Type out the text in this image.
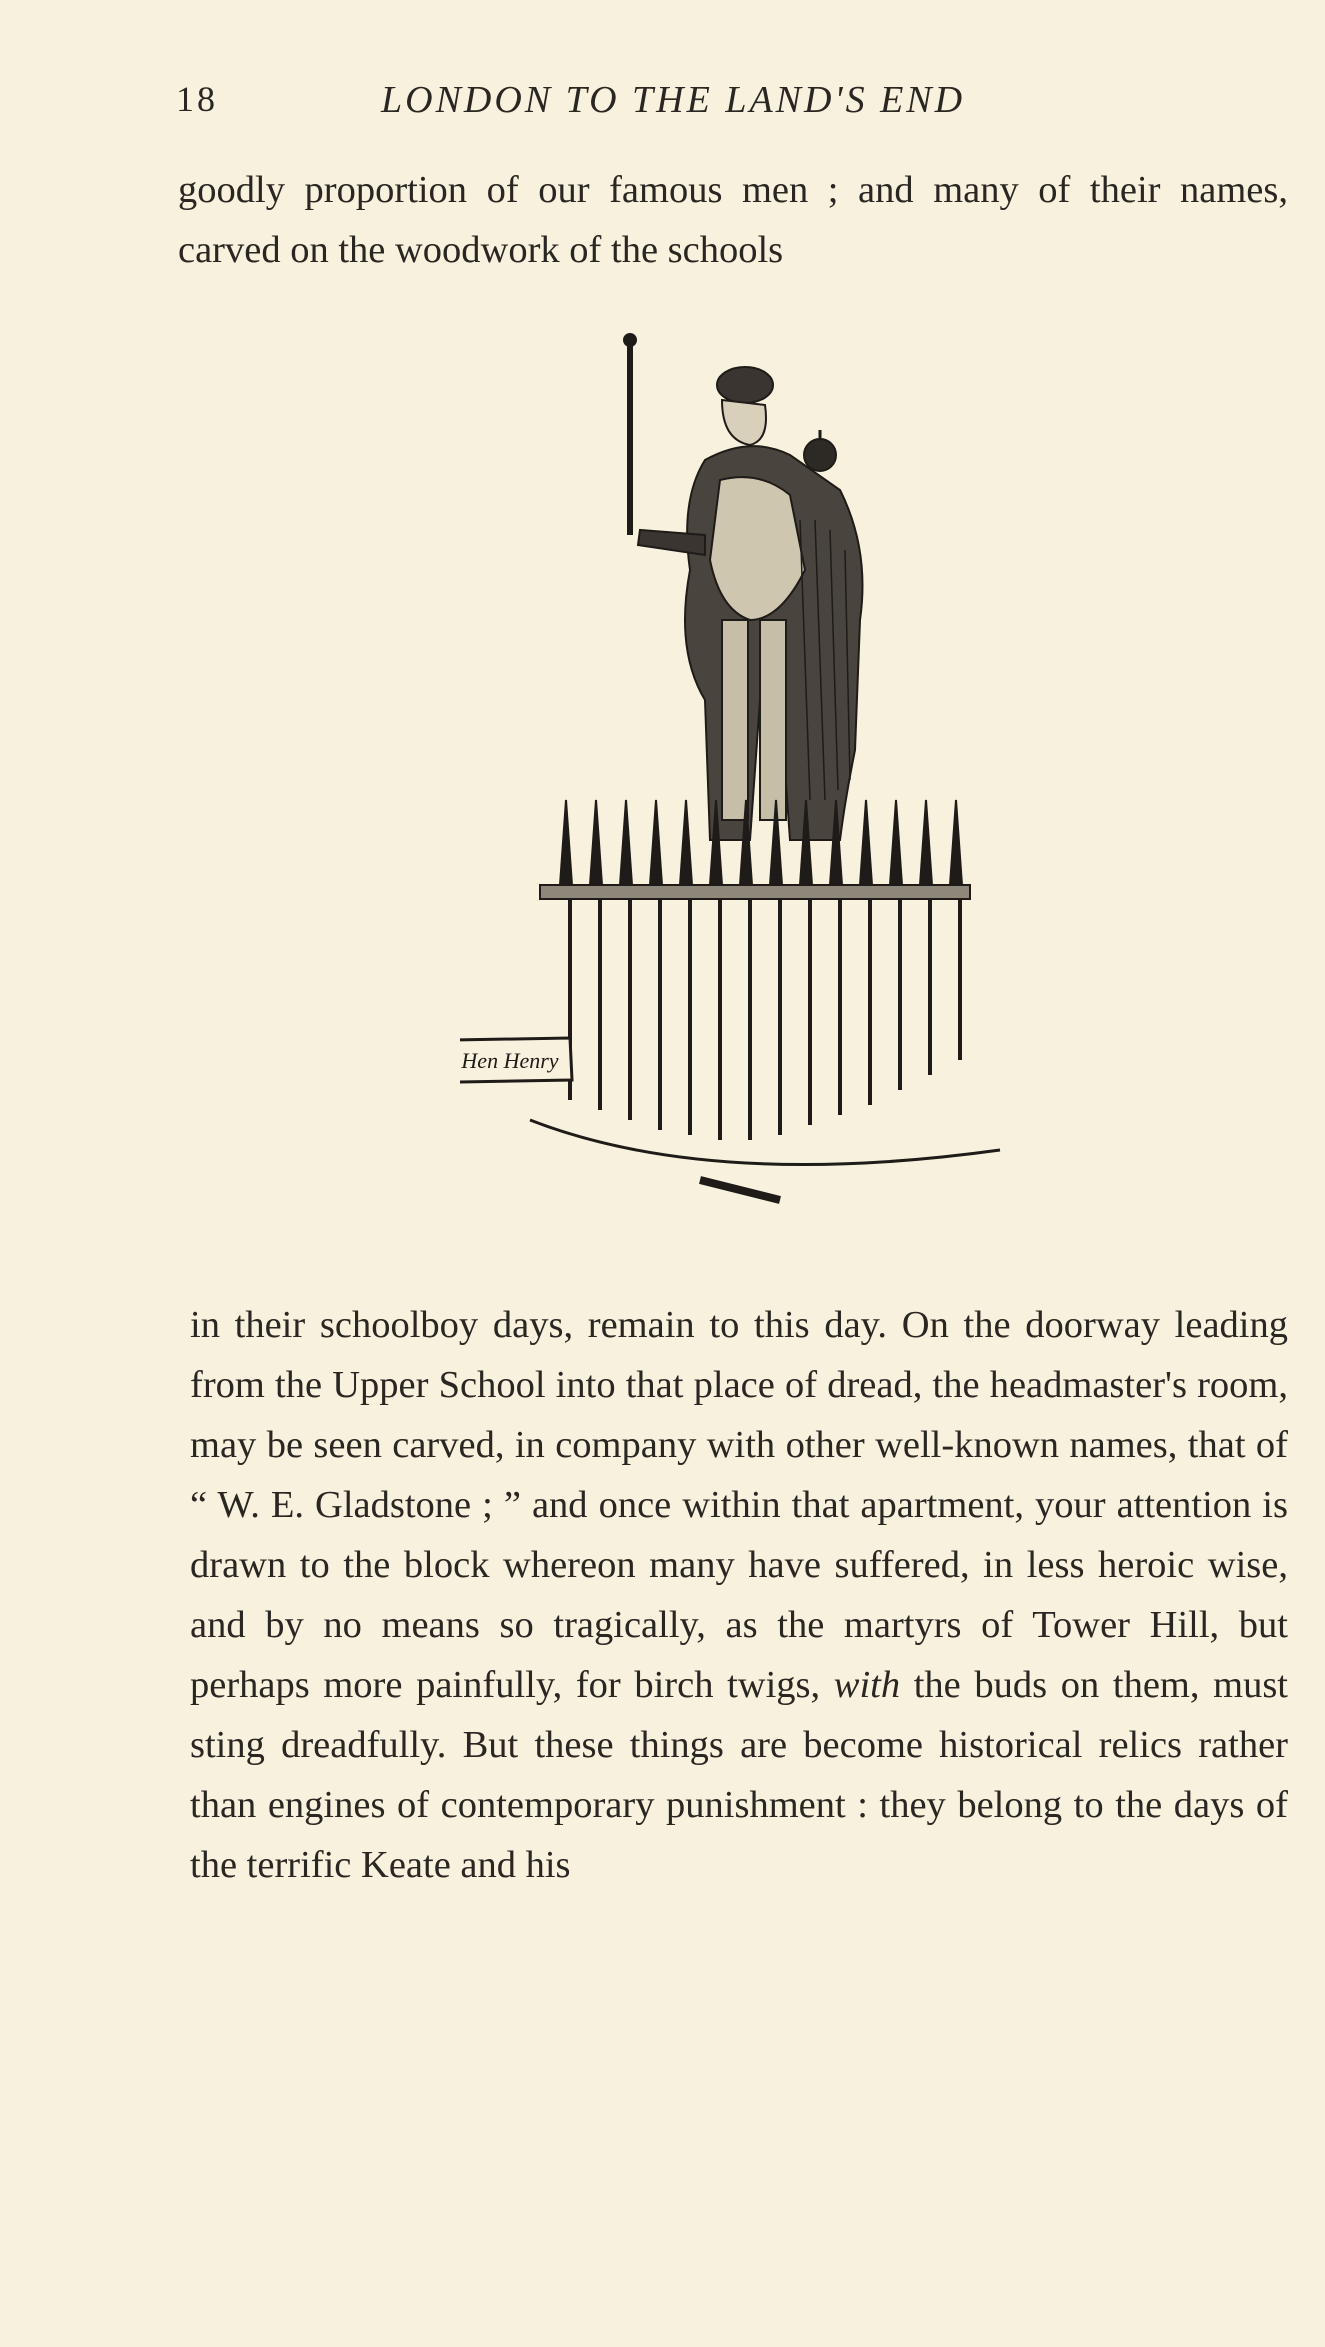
18	LONDON TO THE LAND'S END

goodly proportion of our famous men ; and many of their names, carved on the woodwork of the schools

Hen Henry

in their schoolboy days, remain to this day. On the doorway leading from the Upper School into that place of dread, the headmaster's room, may be seen carved, in company with other well-known names, that of “ W. E. Gladstone ; ” and once within that apartment, your attention is drawn to the block whereon many have suffered, in less heroic wise, and by no means so tragically, as the martyrs of Tower Hill, but perhaps more painfully, for birch twigs, with the buds on them, must sting dreadfully. But these things are become historical relics rather than engines of contemporary punishment : they belong to the days of the terrific Keate and his
